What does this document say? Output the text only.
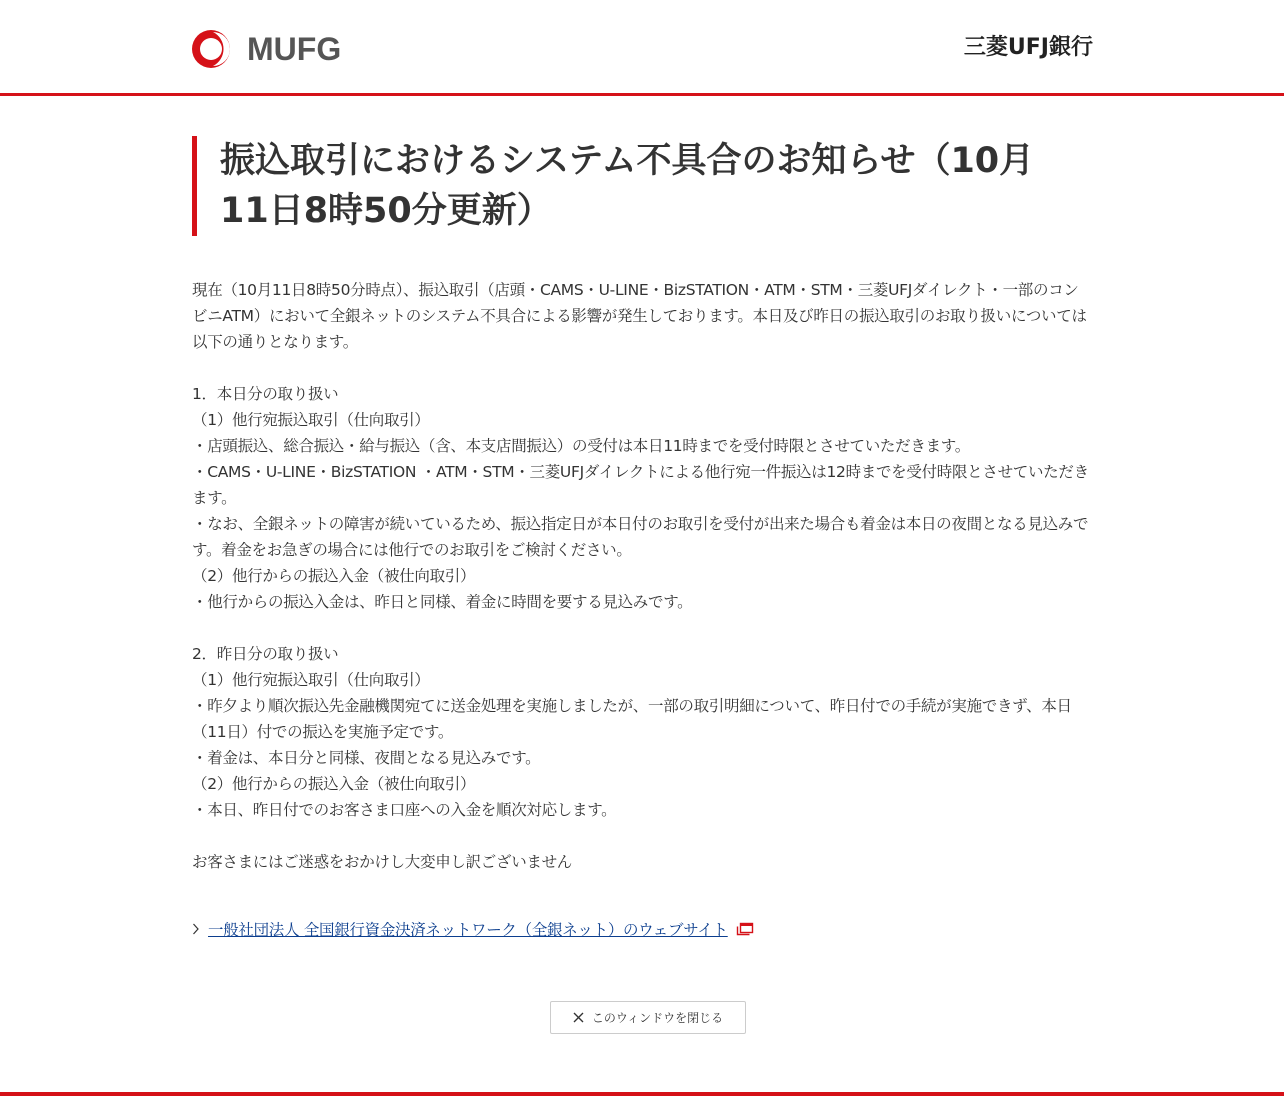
MUFG	三菱UFJ銀行
振込取引におけるシステム不具合のお知らせ（10月11日8時50分更新）

現在（10月11日8時50分時点）、振込取引（店頭・CAMS・U-LINE・BizSTATION・ATM・STM・三菱UFJダイレクト・一部のコンビニATM）において全銀ネットのシステム不具合による影響が発生しております。本日及び昨日の振込取引のお取り扱いについては以下の通りとなります。

1．本日分の取り扱い

（1）他行宛振込取引（仕向取引）

・店頭振込、総合振込・給与振込（含、本支店間振込）の受付は本日11時までを受付時限とさせていただきます。

・CAMS・U-LINE・BizSTATION ・ATM・STM・三菱UFJダイレクトによる他行宛一件振込は12時までを受付時限とさせていただきます。

・なお、全銀ネットの障害が続いているため、振込指定日が本日付のお取引を受付が出来た場合も着金は本日の夜間となる見込みです。着金をお急ぎの場合には他行でのお取引をご検討ください。

（2）他行からの振込入金（被仕向取引）

・他行からの振込入金は、昨日と同様、着金に時間を要する見込みです。

2．昨日分の取り扱い

（1）他行宛振込取引（仕向取引）

・昨夕より順次振込先金融機関宛てに送金処理を実施しましたが、一部の取引明細について、昨日付での手続が実施できず、本日（11日）付での振込を実施予定です。

・着金は、本日分と同様、夜間となる見込みです。

（2）他行からの振込入金（被仕向取引）

・本日、昨日付でのお客さま口座への入金を順次対応します。

お客さまにはご迷惑をおかけし大変申し訳ございません

一般社団法人 全国銀行資金決済ネットワーク（全銀ネット）のウェブサイト
このウィンドウを閉じる
